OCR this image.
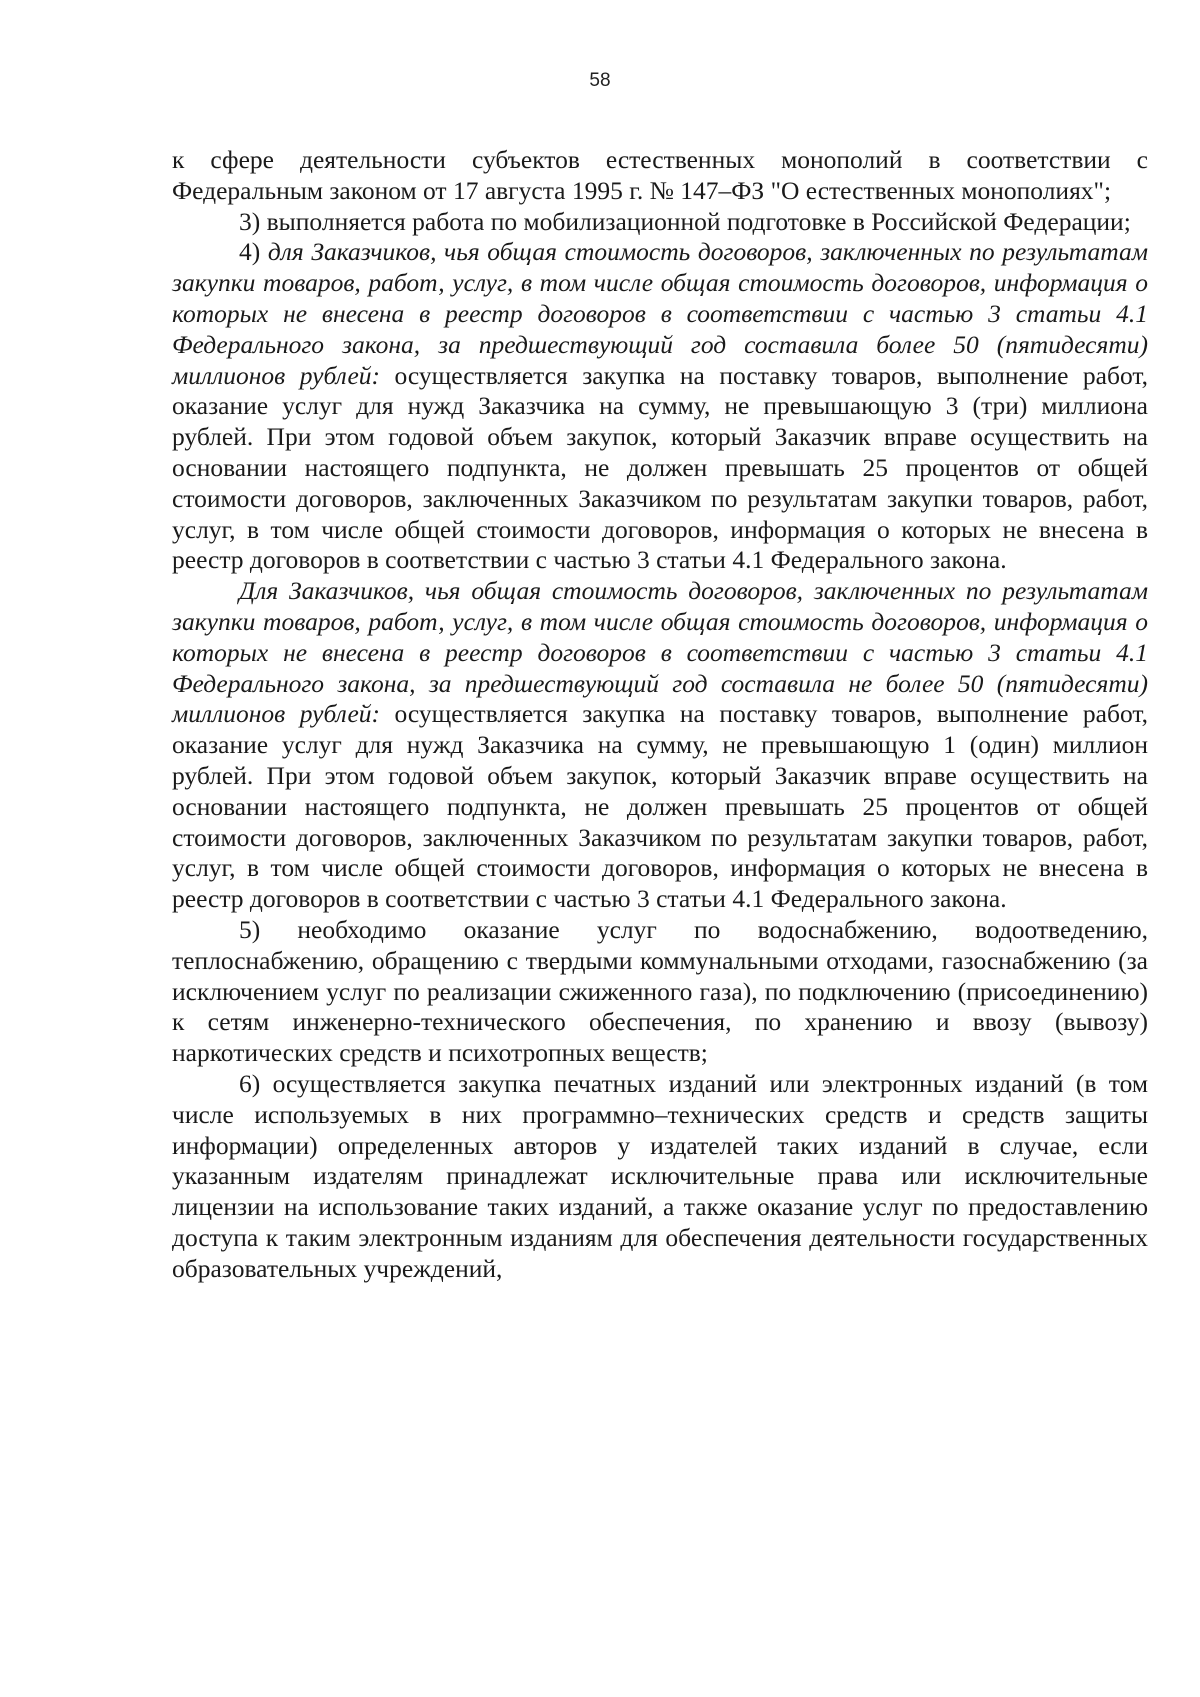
58

к сфере деятельности субъектов естественных монополий в соответствии с Федеральным законом от 17 августа 1995 г. № 147–ФЗ "О естественных монополиях";

3) выполняется работа по мобилизационной подготовке в Российской Федерации;

4) для Заказчиков, чья общая стоимость договоров, заключенных по результатам закупки товаров, работ, услуг, в том числе общая стоимость договоров, информация о которых не внесена в реестр договоров в соответствии с частью 3 статьи 4.1 Федерального закона, за предшествующий год составила более 50 (пятидесяти) миллионов рублей: осуществляется закупка на поставку товаров, выполнение работ, оказание услуг для нужд Заказчика на сумму, не превышающую 3 (три) миллиона рублей. При этом годовой объем закупок, который Заказчик вправе осуществить на основании настоящего подпункта, не должен превышать 25 процентов от общей стоимости договоров, заключенных Заказчиком по результатам закупки товаров, работ, услуг, в том числе общей стоимости договоров, информация о которых не внесена в реестр договоров в соответствии с частью 3 статьи 4.1 Федерального закона.

Для Заказчиков, чья общая стоимость договоров, заключенных по результатам закупки товаров, работ, услуг, в том числе общая стоимость договоров, информация о которых не внесена в реестр договоров в соответствии с частью 3 статьи 4.1 Федерального закона, за предшествующий год составила не более 50 (пятидесяти) миллионов рублей: осуществляется закупка на поставку товаров, выполнение работ, оказание услуг для нужд Заказчика на сумму, не превышающую 1 (один) миллион рублей. При этом годовой объем закупок, который Заказчик вправе осуществить на основании настоящего подпункта, не должен превышать 25 процентов от общей стоимости договоров, заключенных Заказчиком по результатам закупки товаров, работ, услуг, в том числе общей стоимости договоров, информация о которых не внесена в реестр договоров в соответствии с частью 3 статьи 4.1 Федерального закона.

5) необходимо оказание услуг по водоснабжению, водоотведению, теплоснабжению, обращению с твердыми коммунальными отходами, газоснабжению (за исключением услуг по реализации сжиженного газа), по подключению (присоединению) к сетям инженерно-технического обеспечения, по хранению и ввозу (вывозу) наркотических средств и психотропных веществ;

6) осуществляется закупка печатных изданий или электронных изданий (в том числе используемых в них программно–технических средств и средств защиты информации) определенных авторов у издателей таких изданий в случае, если указанным издателям принадлежат исключительные права или исключительные лицензии на использование таких изданий, а также оказание услуг по предоставлению доступа к таким электронным изданиям для обеспечения деятельности государственных образовательных учреждений,
